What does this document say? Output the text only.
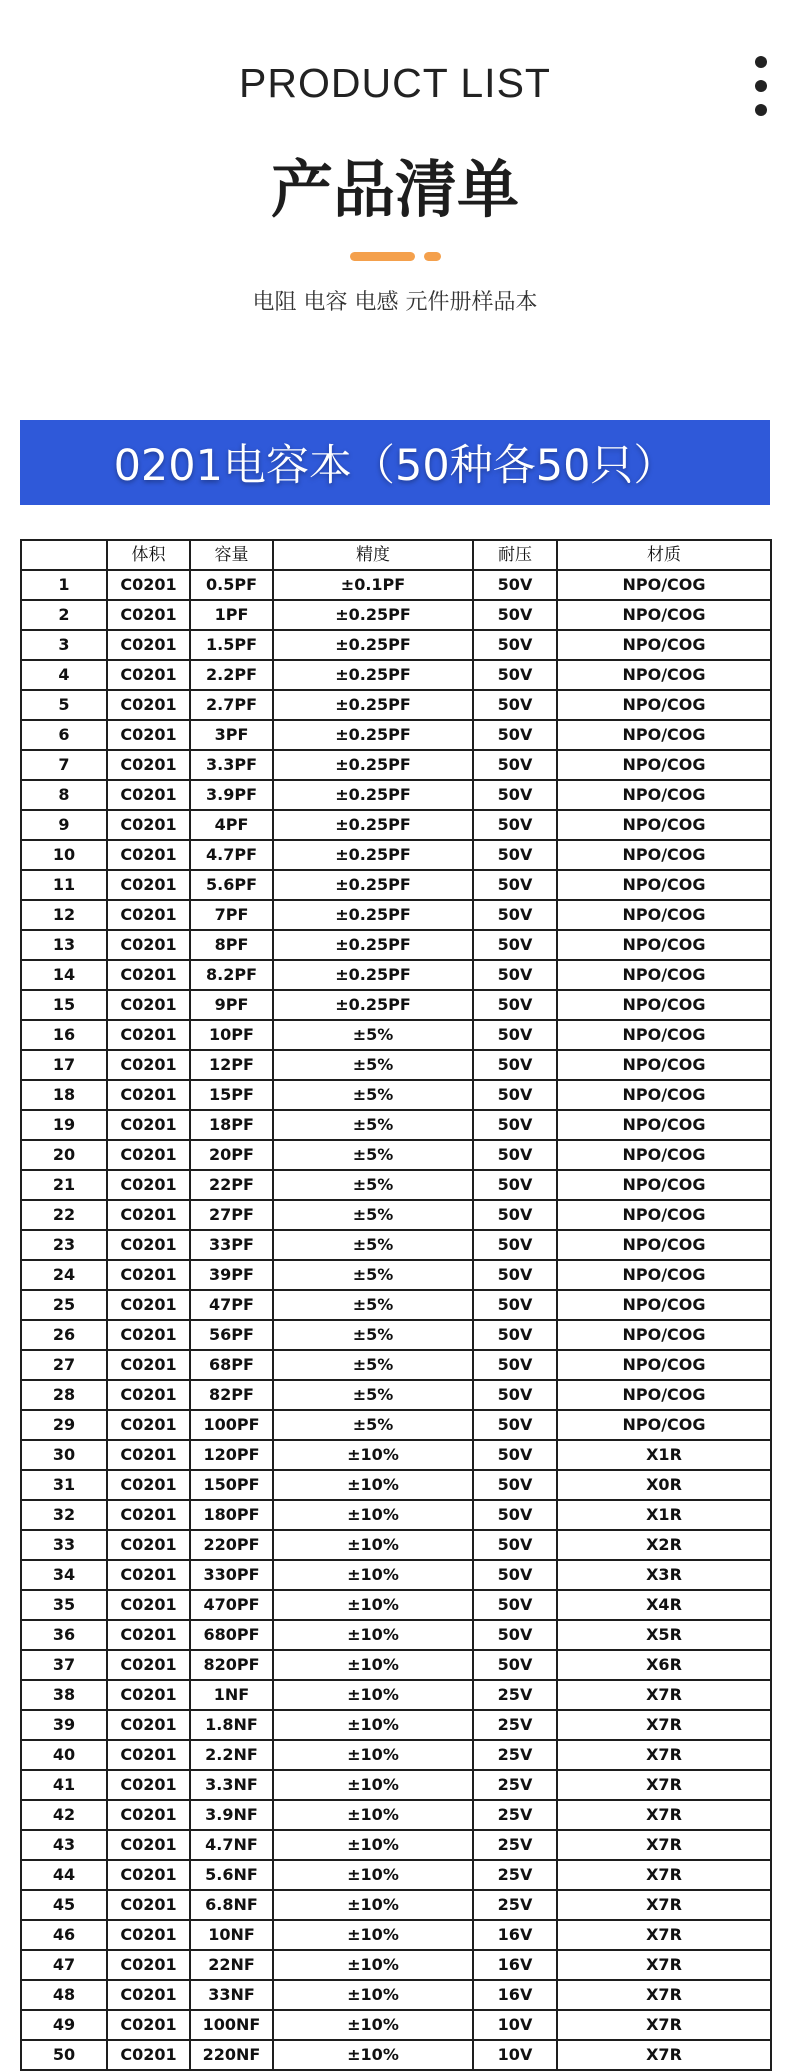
PRODUCT LIST
产品清单
电阻 电容 电感 元件册样品本
0201电容本（50种各50只）
	体积	容量	精度	耐压	材质
1	C0201	0.5PF	±0.1PF	50V	NPO/COG
2	C0201	1PF	±0.25PF	50V	NPO/COG
3	C0201	1.5PF	±0.25PF	50V	NPO/COG
4	C0201	2.2PF	±0.25PF	50V	NPO/COG
5	C0201	2.7PF	±0.25PF	50V	NPO/COG
6	C0201	3PF	±0.25PF	50V	NPO/COG
7	C0201	3.3PF	±0.25PF	50V	NPO/COG
8	C0201	3.9PF	±0.25PF	50V	NPO/COG
9	C0201	4PF	±0.25PF	50V	NPO/COG
10	C0201	4.7PF	±0.25PF	50V	NPO/COG
11	C0201	5.6PF	±0.25PF	50V	NPO/COG
12	C0201	7PF	±0.25PF	50V	NPO/COG
13	C0201	8PF	±0.25PF	50V	NPO/COG
14	C0201	8.2PF	±0.25PF	50V	NPO/COG
15	C0201	9PF	±0.25PF	50V	NPO/COG
16	C0201	10PF	±5%	50V	NPO/COG
17	C0201	12PF	±5%	50V	NPO/COG
18	C0201	15PF	±5%	50V	NPO/COG
19	C0201	18PF	±5%	50V	NPO/COG
20	C0201	20PF	±5%	50V	NPO/COG
21	C0201	22PF	±5%	50V	NPO/COG
22	C0201	27PF	±5%	50V	NPO/COG
23	C0201	33PF	±5%	50V	NPO/COG
24	C0201	39PF	±5%	50V	NPO/COG
25	C0201	47PF	±5%	50V	NPO/COG
26	C0201	56PF	±5%	50V	NPO/COG
27	C0201	68PF	±5%	50V	NPO/COG
28	C0201	82PF	±5%	50V	NPO/COG
29	C0201	100PF	±5%	50V	NPO/COG
30	C0201	120PF	±10%	50V	X1R
31	C0201	150PF	±10%	50V	X0R
32	C0201	180PF	±10%	50V	X1R
33	C0201	220PF	±10%	50V	X2R
34	C0201	330PF	±10%	50V	X3R
35	C0201	470PF	±10%	50V	X4R
36	C0201	680PF	±10%	50V	X5R
37	C0201	820PF	±10%	50V	X6R
38	C0201	1NF	±10%	25V	X7R
39	C0201	1.8NF	±10%	25V	X7R
40	C0201	2.2NF	±10%	25V	X7R
41	C0201	3.3NF	±10%	25V	X7R
42	C0201	3.9NF	±10%	25V	X7R
43	C0201	4.7NF	±10%	25V	X7R
44	C0201	5.6NF	±10%	25V	X7R
45	C0201	6.8NF	±10%	25V	X7R
46	C0201	10NF	±10%	16V	X7R
47	C0201	22NF	±10%	16V	X7R
48	C0201	33NF	±10%	16V	X7R
49	C0201	100NF	±10%	10V	X7R
50	C0201	220NF	±10%	10V	X7R
